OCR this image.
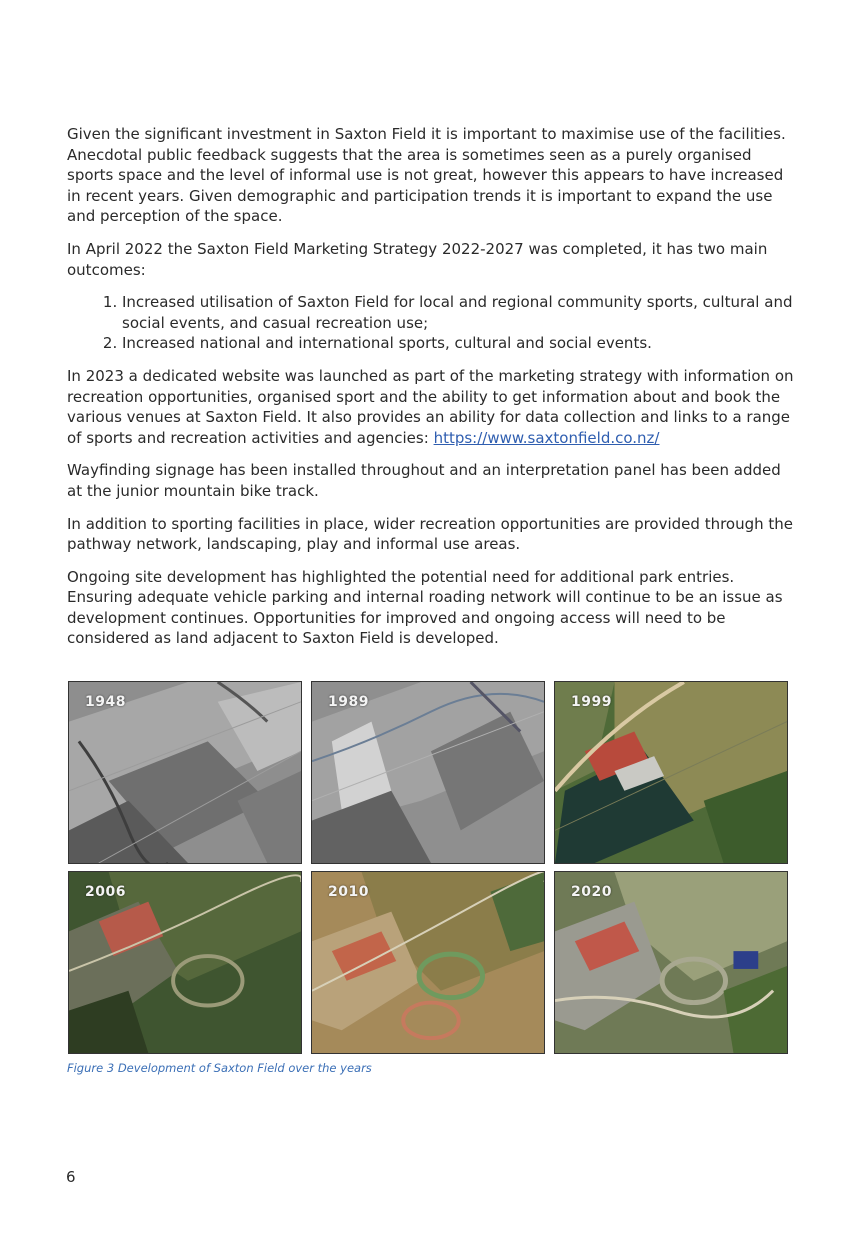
Given the significant investment in Saxton Field it is important to maximise use of the facilities. Anecdotal public feedback suggests that the area is sometimes seen as a purely organised sports space and the level of informal use is not great, however this appears to have increased in recent years. Given demographic and participation trends it is important to expand the use and perception of the space.

In April 2022 the Saxton Field Marketing Strategy 2022-2027 was completed, it has two main outcomes:

1. Increased utilisation of Saxton Field for local and regional community sports, cultural and social events, and casual recreation use;
2. Increased national and international sports, cultural and social events.

In 2023 a dedicated website was launched as part of the marketing strategy with information on recreation opportunities, organised sport and the ability to get information about and book the various venues at Saxton Field. It also provides an ability for data collection and links to a range of sports and recreation activities and agencies: https://www.saxtonfield.co.nz/

Wayfinding signage has been installed throughout and an interpretation panel has been added at the junior mountain bike track.

In addition to sporting facilities in place, wider recreation opportunities are provided through the pathway network, landscaping, play and informal use areas.

Ongoing site development has highlighted the potential need for additional park entries. Ensuring adequate vehicle parking and internal roading network will continue to be an issue as development continues. Opportunities for improved and ongoing access will need to be considered as land adjacent to Saxton Field is developed.

1948	1989	1999
2006	2010	2020
Figure 3 Development of Saxton Field over the years
6
